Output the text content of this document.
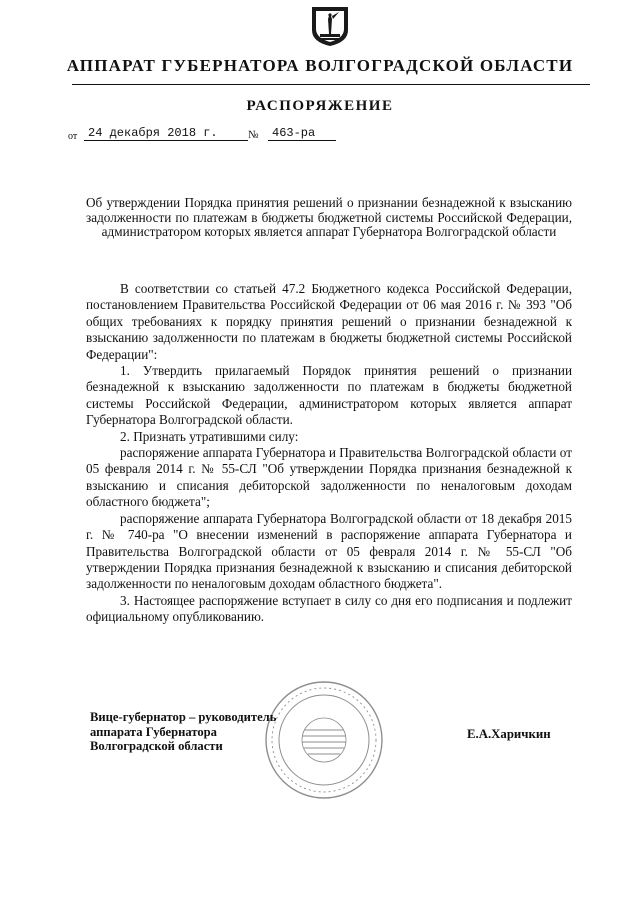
АППАРАТ ГУБЕРНАТОРА ВОЛГОГРАДСКОЙ ОБЛАСТИ
РАСПОРЯЖЕНИЕ
от 24 декабря 2018 г.	№	463-ра
Об утверждении Порядка принятия решений о признании безнадежной к взысканию задолженности по платежам в бюджеты бюджетной системы Российской Федерации, администратором которых является аппарат Губернатора Волгоградской области

В соответствии со статьей 47.2 Бюджетного кодекса Российской Федерации, постановлением Правительства Российской Федерации от 06 мая 2016 г. № 393 "Об общих требованиях к порядку принятия решений о признании безнадежной к взысканию задолженности по платежам в бюджеты бюджетной системы Российской Федерации":

1. Утвердить прилагаемый Порядок принятия решений о признании безнадежной к взысканию задолженности по платежам в бюджеты бюджетной системы Российской Федерации, администратором которых является аппарат Губернатора Волгоградской области.

2. Признать утратившими силу:

распоряжение аппарата Губернатора и Правительства Волгоградской области от 05 февраля 2014 г. № 55-СЛ "Об утверждении Порядка признания безнадежной к взысканию и списания дебиторской задолженности по неналоговым доходам областного бюджета";

распоряжение аппарата Губернатора Волгоградской области от 18 декабря 2015 г. № 740-ра "О внесении изменений в распоряжение аппарата Губернатора и Правительства Волгоградской области от 05 февраля 2014 г. № 55-СЛ "Об утверждении Порядка признания безнадежной к взысканию и списания дебиторской задолженности по неналоговым доходам областного бюджета".

3. Настоящее распоряжение вступает в силу со дня его подписания и подлежит официальному опубликованию.

Вице-губернатор – руководитель
аппарата Губернатора
Волгоградской области
Е.А.Харичкин
